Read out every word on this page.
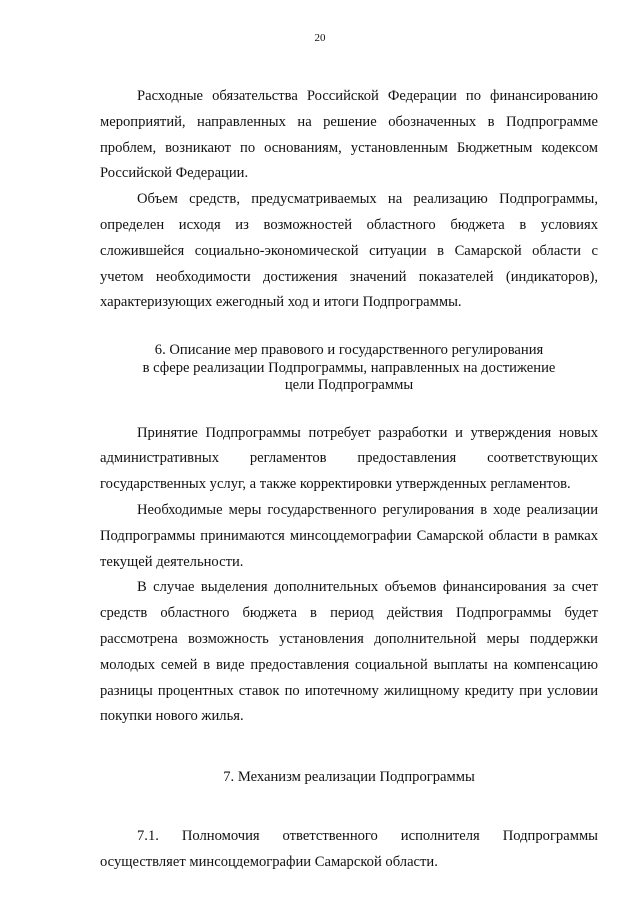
20

Расходные обязательства Российской Федерации по финансированию мероприятий, направленных на решение обозначенных в Подпрограмме проблем, возникают по основаниям, установленным Бюджетным кодексом Российской Федерации.

Объем средств, предусматриваемых на реализацию Подпрограммы, определен исходя из возможностей областного бюджета в условиях сложившейся социально-экономической ситуации в Самарской области с учетом необходимости достижения значений показателей (индикаторов), характеризующих ежегодный ход и итоги Подпрограммы.

6. Описание мер правового и государственного регулирования
в сфере реализации Подпрограммы, направленных на достижение
цели Подпрограммы

Принятие Подпрограммы потребует разработки и утверждения новых административных регламентов предоставления соответствующих государственных услуг, а также корректировки утвержденных регламентов.

Необходимые меры государственного регулирования в ходе реализации Подпрограммы принимаются минсоцдемографии Самарской области в рамках текущей деятельности.

В случае выделения дополнительных объемов финансирования за счет средств областного бюджета в период действия Подпрограммы будет рассмотрена возможность установления дополнительной меры поддержки молодых семей в виде предоставления социальной выплаты на компенсацию разницы процентных ставок по ипотечному жилищному кредиту при условии покупки нового жилья.

7. Механизм реализации Подпрограммы

7.1. Полномочия ответственного исполнителя Подпрограммы осуществляет минсоцдемографии Самарской области.
